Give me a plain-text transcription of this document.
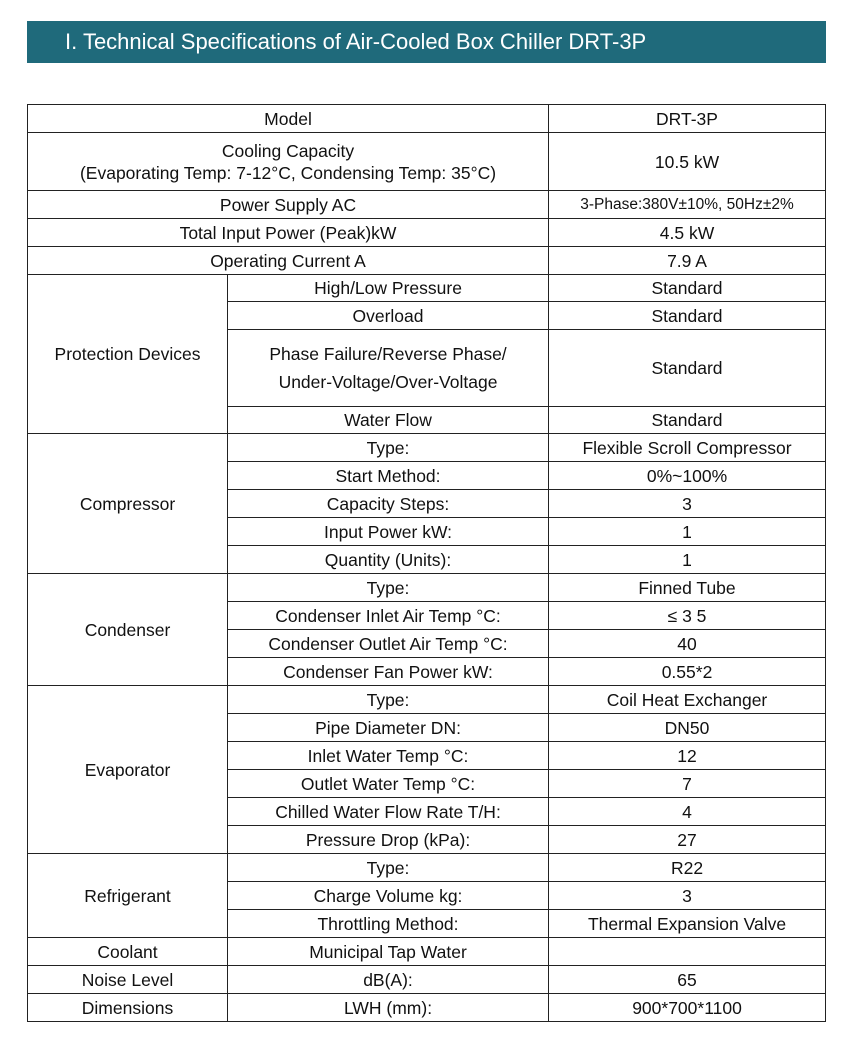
I. Technical Specifications of Air-Cooled Box Chiller DRT-3P
Model		DRT-3P

Cooling Capacity
(Evaporating Temp: 7-12°C, Condensing Temp: 35°C)		10.5 kW
Power Supply AC		3-Phase:380V±10%, 50Hz±2%
Total Input Power (Peak)kW		4.5 kW
Operating Current A		7.9 A
Protection Devices	High/Low Pressure	Standard
	Overload	Standard

	Phase Failure/Reverse Phase/
Under-Voltage/Over-Voltage	Standard
	Water Flow	Standard
Compressor	Type:	Flexible Scroll Compressor
	Start Method:	0%~100%
	Capacity Steps:	3
	Input Power kW:	1
	Quantity (Units):	1
Condenser	Type:	Finned Tube
	Condenser Inlet Air Temp °C:	≤ 3 5
	Condenser Outlet Air Temp °C:	40
	Condenser Fan Power kW:	0.55*2
Evaporator	Type:	Coil Heat Exchanger
	Pipe Diameter DN:	DN50
	Inlet Water Temp °C:	12
	Outlet Water Temp °C:	7
	Chilled Water Flow Rate T/H:	4
	Pressure Drop (kPa):	27
Refrigerant	Type:	R22
	Charge Volume kg:	3
	Throttling Method:	Thermal Expansion Valve
Coolant	Municipal Tap Water	
Noise Level	dB(A):	65
Dimensions	LWH (mm):	900*700*1100
